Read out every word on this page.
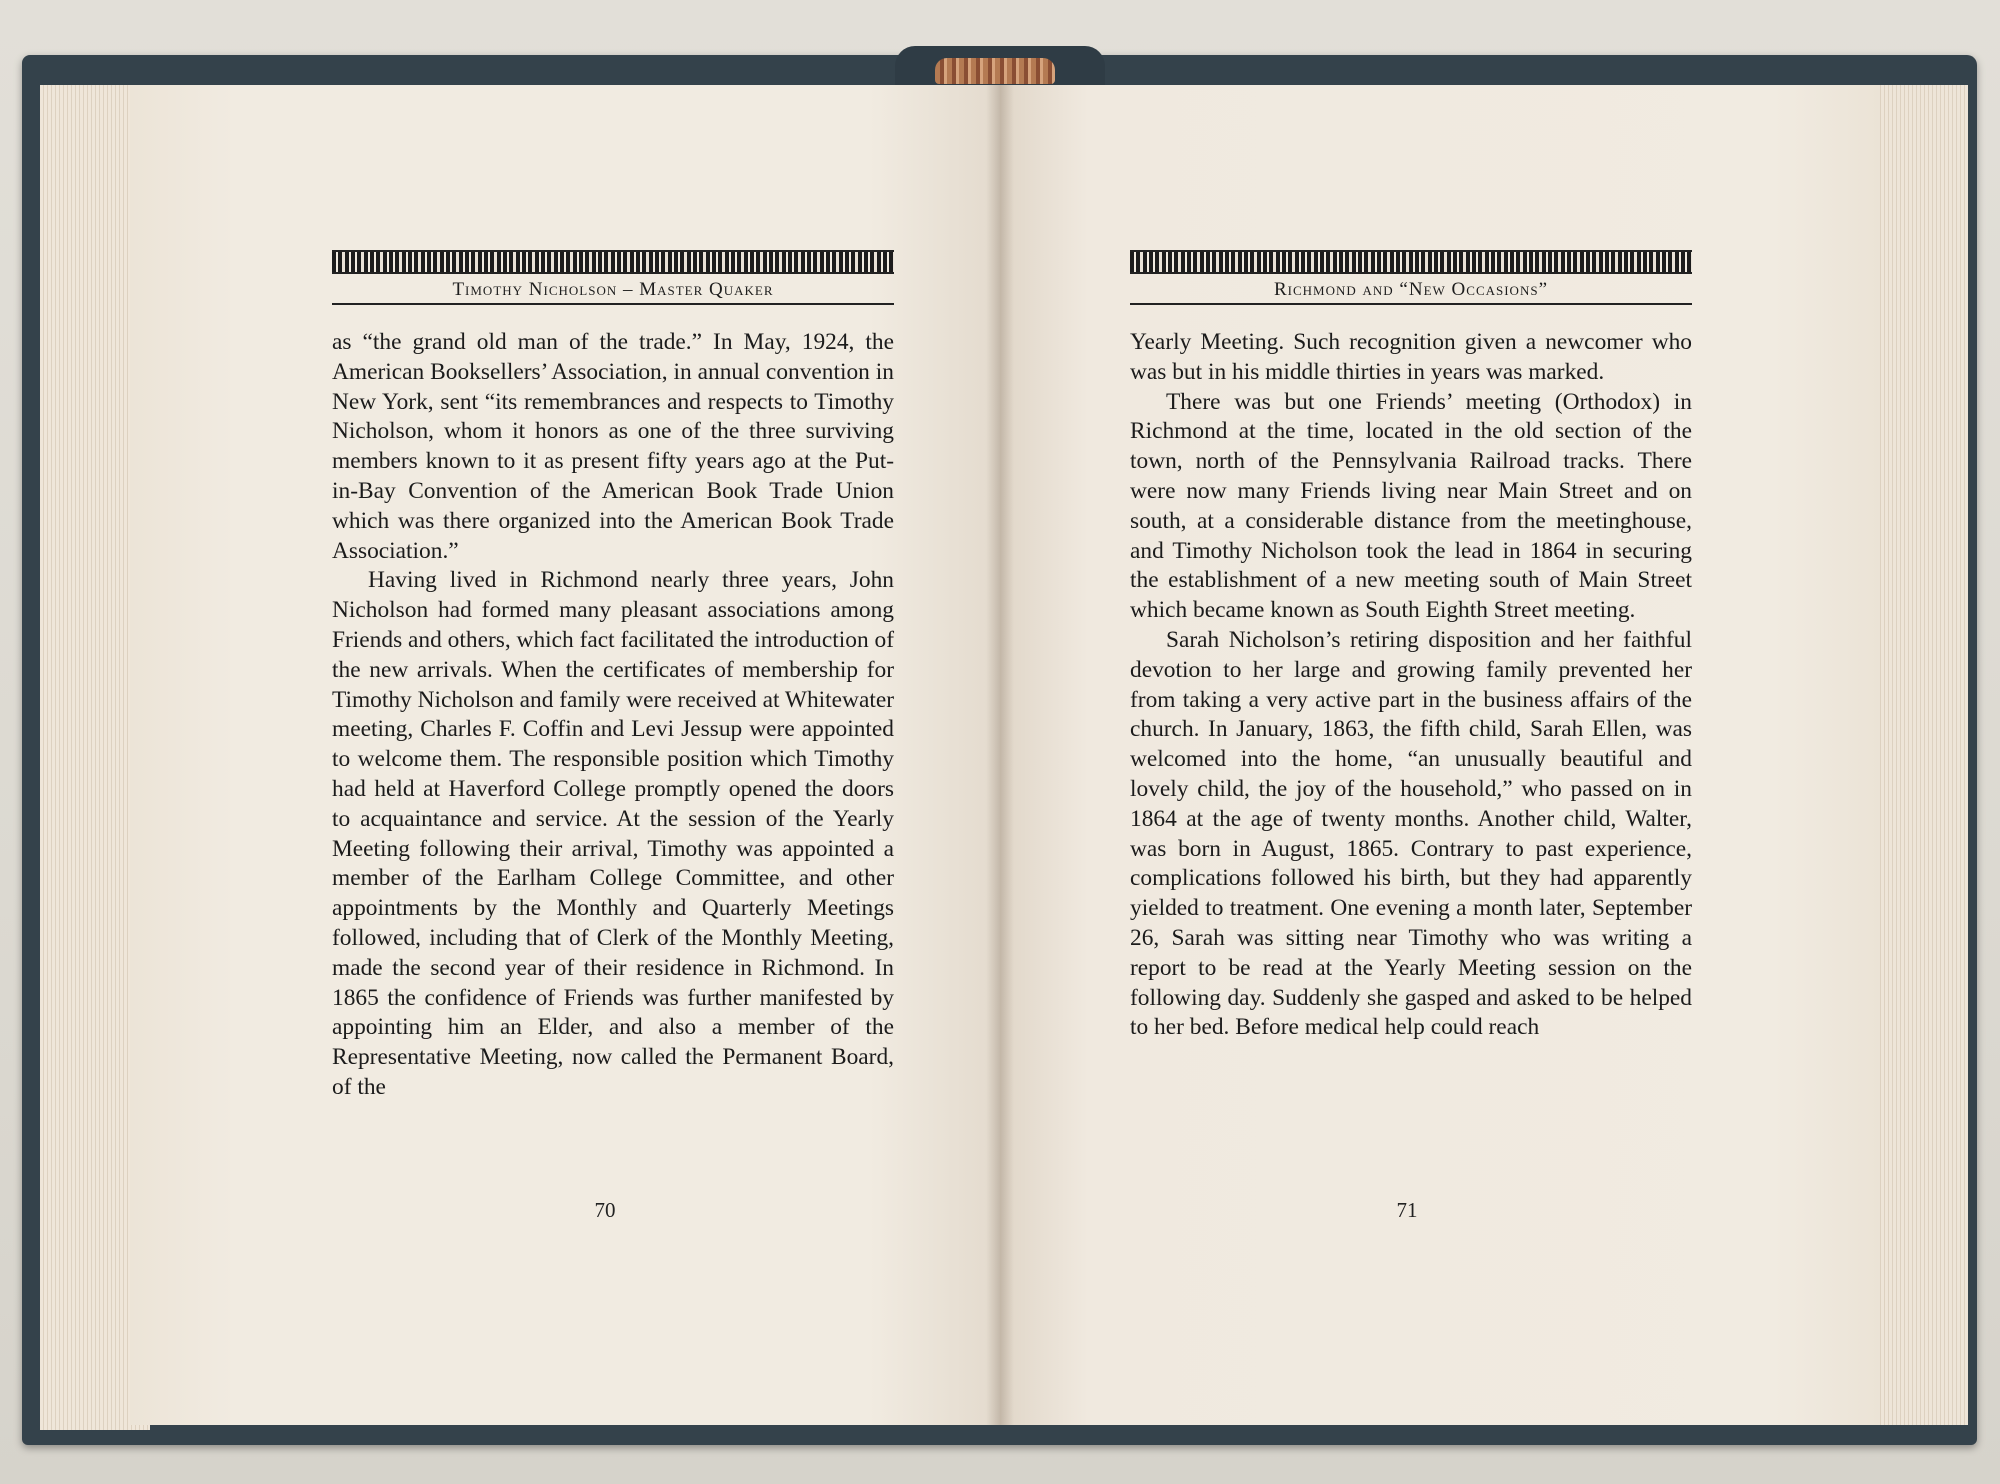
Timothy Nicholson – Master Quaker

as “the grand old man of the trade.” In May, 1924, the American Booksellers’ Association, in annual convention in New York, sent “its remembrances and respects to Timothy Nicholson, whom it honors as one of the three surviving members known to it as present fifty years ago at the Put-in-Bay Convention of the American Book Trade Union which was there organized into the American Book Trade Association.”

Having lived in Richmond nearly three years, John Nicholson had formed many pleasant associations among Friends and others, which fact facilitated the introduction of the new arrivals. When the certificates of membership for Timothy Nicholson and family were received at Whitewater meeting, Charles F. Coffin and Levi Jessup were appointed to welcome them. The responsible position which Timothy had held at Haverford College promptly opened the doors to acquaintance and service. At the session of the Yearly Meeting following their arrival, Timothy was appointed a member of the Earlham College Committee, and other appointments by the Monthly and Quarterly Meetings followed, including that of Clerk of the Monthly Meeting, made the second year of their residence in Richmond. In 1865 the confidence of Friends was further manifested by appointing him an Elder, and also a member of the Representative Meeting, now called the Permanent Board, of the

70
Richmond and “New Occasions”

Yearly Meeting. Such recognition given a newcomer who was but in his middle thirties in years was marked.

There was but one Friends’ meeting (Orthodox) in Richmond at the time, located in the old section of the town, north of the Pennsylvania Railroad tracks. There were now many Friends living near Main Street and on south, at a considerable distance from the meetinghouse, and Timothy Nicholson took the lead in 1864 in securing the establishment of a new meeting south of Main Street which became known as South Eighth Street meeting.

Sarah Nicholson’s retiring disposition and her faithful devotion to her large and growing family prevented her from taking a very active part in the business affairs of the church. In January, 1863, the fifth child, Sarah Ellen, was welcomed into the home, “an unusually beautiful and lovely child, the joy of the household,” who passed on in 1864 at the age of twenty months. Another child, Walter, was born in August, 1865. Contrary to past experience, complications followed his birth, but they had apparently yielded to treatment. One evening a month later, September 26, Sarah was sitting near Timothy who was writing a report to be read at the Yearly Meeting session on the following day. Suddenly she gasped and asked to be helped to her bed. Before medical help could reach

71
